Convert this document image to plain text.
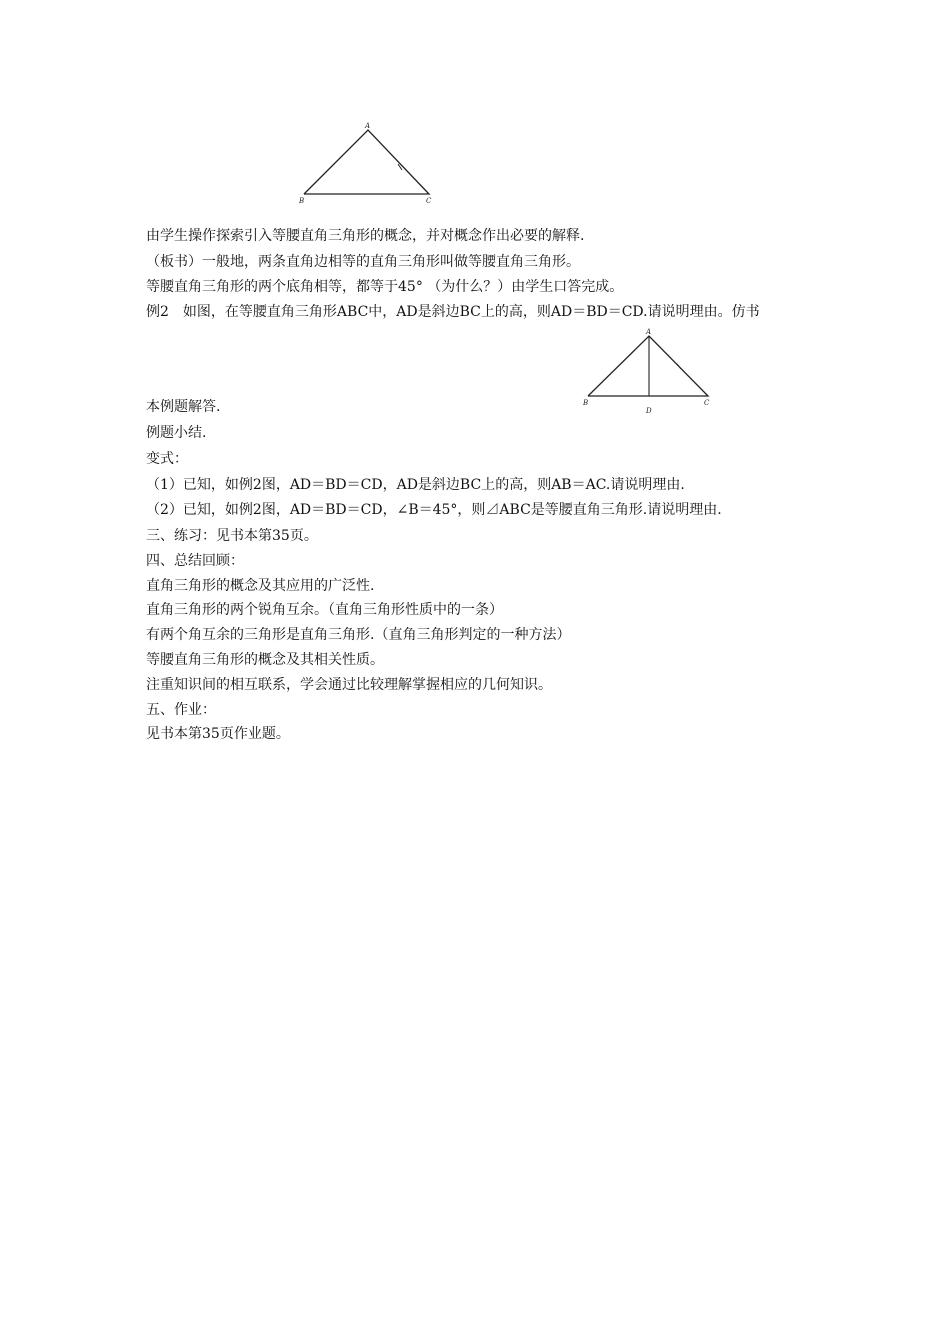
A
B	C
A
B	C
D
由学生操作探索引入等腰直角三角形的概念，并对概念作出必要的解释.
（板书）一般地，两条直角边相等的直角三角形叫做等腰直角三角形。
等腰直角三角形的两个底角相等，都等于45° （为什么？）由学生口答完成。
例2　如图，在等腰直角三角形ABC中，AD是斜边BC上的高，则AD＝BD＝CD.请说明理由。仿书
本例题解答.
例题小结.
变式：
（1）已知，如例2图，AD＝BD＝CD，AD是斜边BC上的高，则AB＝AC.请说明理由.
（2）已知，如例2图，AD＝BD＝CD，∠B＝45°，则⊿ABC是等腰直角三角形.请说明理由.
三、练习：见书本第35页。
四、总结回顾：
直角三角形的概念及其应用的广泛性.
直角三角形的两个锐角互余。（直角三角形性质中的一条）
有两个角互余的三角形是直角三角形.（直角三角形判定的一种方法）
等腰直角三角形的概念及其相关性质。
注重知识间的相互联系，学会通过比较理解掌握相应的几何知识。
五、作业：
见书本第35页作业题。
